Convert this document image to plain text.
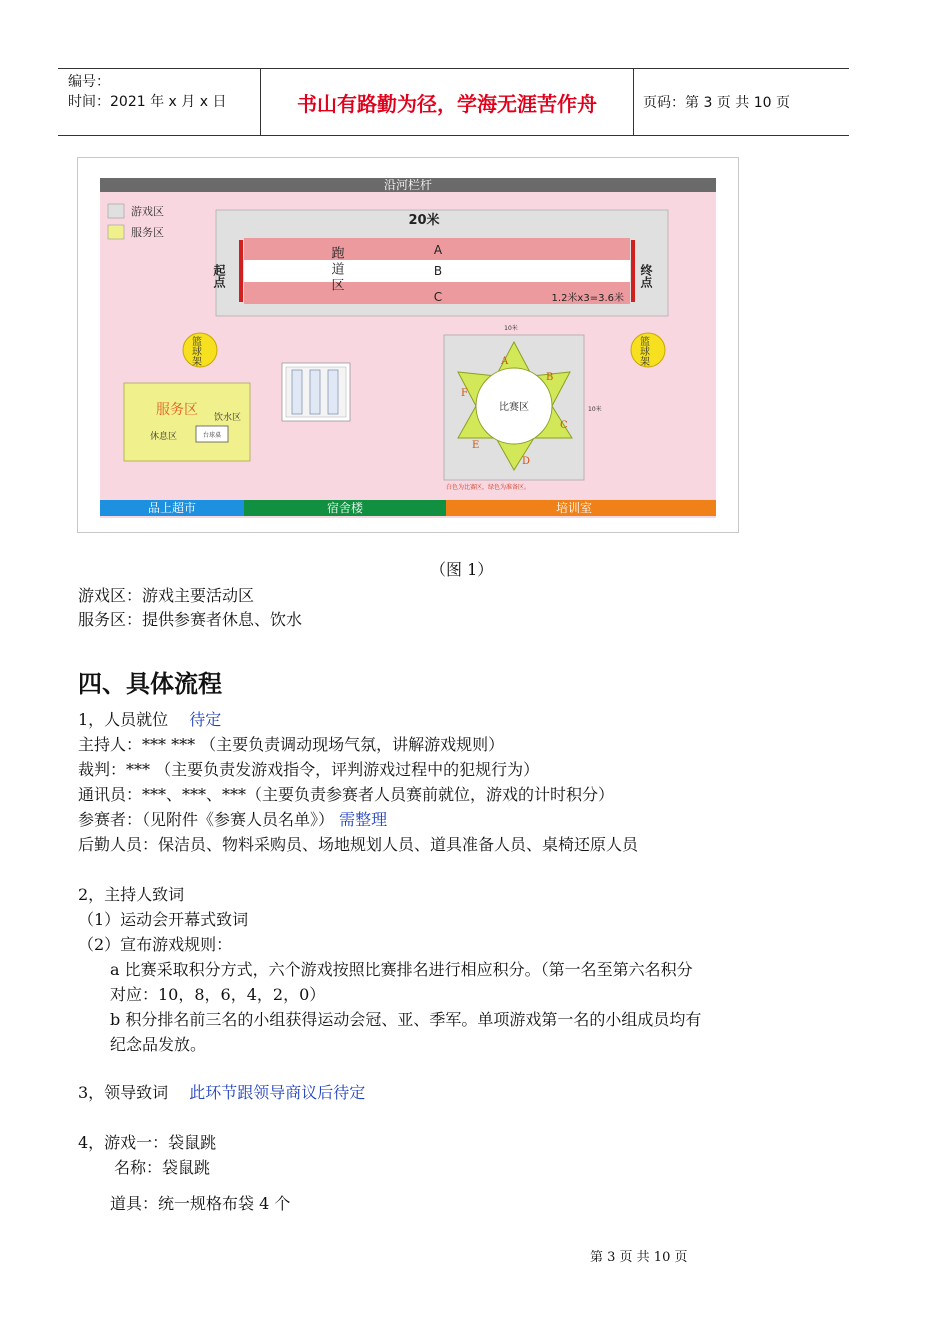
编号：
时间：2021 年 x 月 x 日	书山有路勤为径，学海无涯苦作舟	页码：第 3 页 共 10 页
沿河栏杆
游戏区
服务区
20米
起点	终点
跑道区	A
B
C	1.2米x3=3.6米
篮球架	篮球架
服务区 饮水区
休息区	台球桌
10米
10米
比赛区
A
B
C
D
E
F
白色为比赛区，绿色为准备区。
品上超市	宿舍楼	培训室
（图 1）
游戏区：游戏主要活动区
服务区：提供参赛者休息、饮水
四、具体流程
1，人员就位 待定
主持人：*** *** （主要负责调动现场气氛，讲解游戏规则）
裁判：*** （主要负责发游戏指令，评判游戏过程中的犯规行为）
通讯员：***、***、***（主要负责参赛者人员赛前就位，游戏的计时积分）
参赛者：（见附件《参赛人员名单》） 需整理
后勤人员：保洁员、物料采购员、场地规划人员、道具准备人员、桌椅还原人员
2，主持人致词
（1）运动会开幕式致词
（2）宣布游戏规则：
a 比赛采取积分方式，六个游戏按照比赛排名进行相应积分。（第一名至第六名积分
对应：10，8，6，4，2，0）
b 积分排名前三名的小组获得运动会冠、亚、季军。单项游戏第一名的小组成员均有
纪念品发放。
3，领导致词 此环节跟领导商议后待定
4，游戏一：袋鼠跳
名称：袋鼠跳
道具：统一规格布袋 4 个
第 3 页 共 10 页
